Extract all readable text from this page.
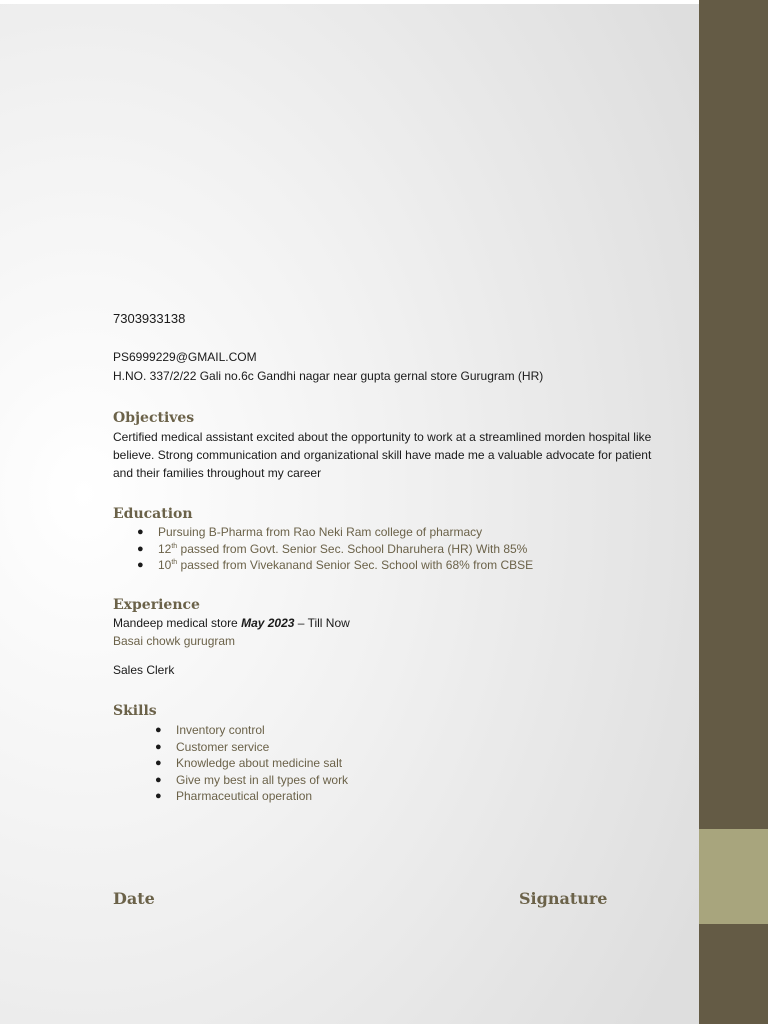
7303933138

PS6999229@GMAIL.COM

H.NO. 337/2/22 Gali no.6c Gandhi nagar near gupta gernal store Gurugram (HR)

Objectives
Certified medical assistant excited about the opportunity to work at a streamlined morden hospital like
believe. Strong communication and organizational skill have made me a valuable advocate for patient
and their families throughout my career
Education
● Pursuing B-Pharma from Rao Neki Ram college of pharmacy
● 12th passed from Govt. Senior Sec. School Dharuhera (HR) With 85%
● 10th passed from Vivekanand Senior Sec. School with 68% from CBSE
Experience

Mandeep medical store May 2023 – Till Now

Basai chowk gurugram

Sales Clerk

Skills
● Inventory control
● Customer service
● Knowledge about medicine salt
● Give my best in all types of work
● Pharmaceutical operation

Date	Signature
